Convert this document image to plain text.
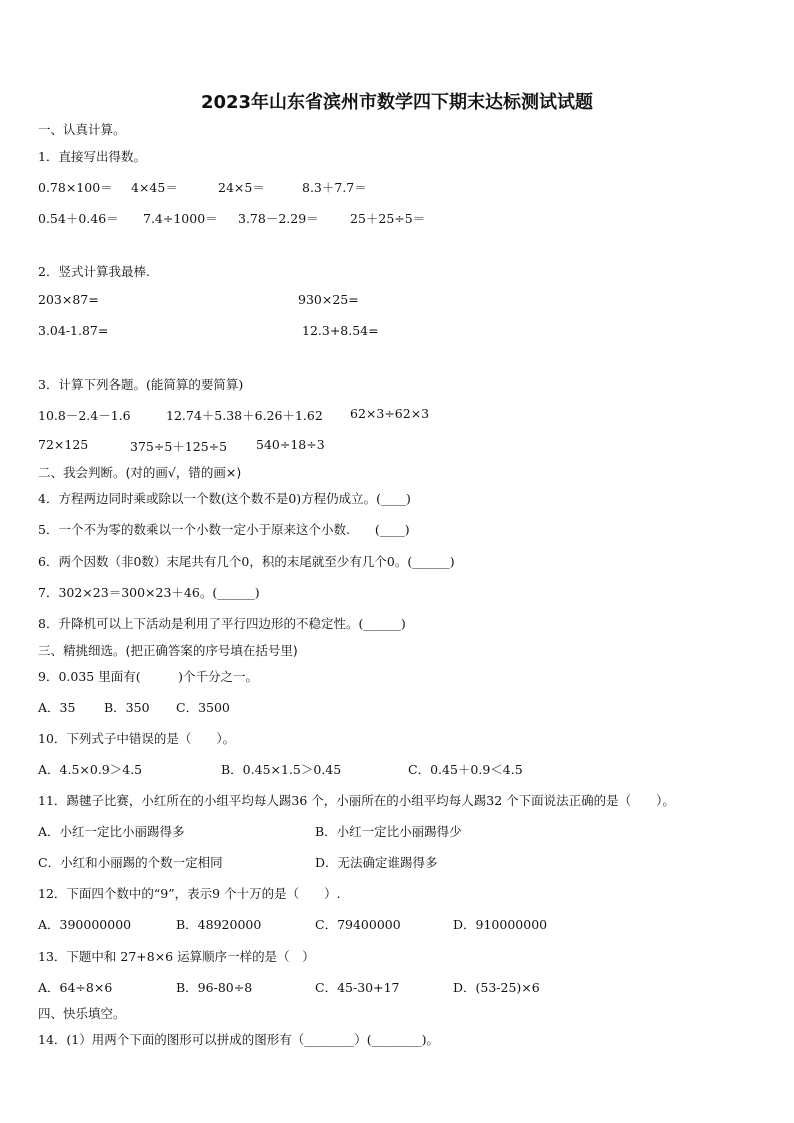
2023年山东省滨州市数学四下期末达标测试试题
一、认真计算。
1．直接写出得数。
0.78×100＝ 4×45＝	24×5＝	8.3＋7.7＝
0.54＋0.46＝ 7.4÷1000＝ 3.78－2.29＝	25＋25÷5＝
2．竖式计算我最棒.
203×87=	930×25=
3.04-1.87=	12.3+8.54=
3．计算下列各题。(能简算的要简算)
10.8－2.4－1.6	12.74＋5.38＋6.26＋1.62 62×3÷62×3
72×125	375÷5＋125÷5 540÷18÷3
二、我会判断。(对的画√，错的画×)
4．方程两边同时乘或除以一个数(这个数不是0)方程仍成立。(____)
5．一个不为零的数乘以一个小数一定小于原来这个小数.　　(____)
6．两个因数（非0数）末尾共有几个0，积的末尾就至少有几个0。(______)
7．302×23＝300×23＋46。(______)
8．升降机可以上下活动是利用了平行四边形的不稳定性。(______)
三、精挑细选。(把正确答案的序号填在括号里)
9．0.035 里面有(　　　)个千分之一。
A．35 B．350 C．3500
10．下列式子中错误的是（　　）。
A．4.5×0.9＞4.5	B．0.45×1.5＞0.45	C．0.45＋0.9＜4.5
11．踢毽子比赛，小红所在的小组平均每人踢36 个，小丽所在的小组平均每人踢32 个下面说法正确的是（　　）。
A．小红一定比小丽踢得多	B．小红一定比小丽踢得少
C．小红和小丽踢的个数一定相同	D．无法确定谁踢得多
12．下面四个数中的“9”，表示9 个十万的是（　　）.
A．390000000	B．48920000	C．79400000	D．910000000
13．下题中和 27+8×6 运算顺序一样的是（　）
A．64÷8×6	B．96-80÷8	C．45-30+17	D．(53-25)×6
四、快乐填空。
14．(1）用两个下面的图形可以拼成的图形有（________）(________)。
